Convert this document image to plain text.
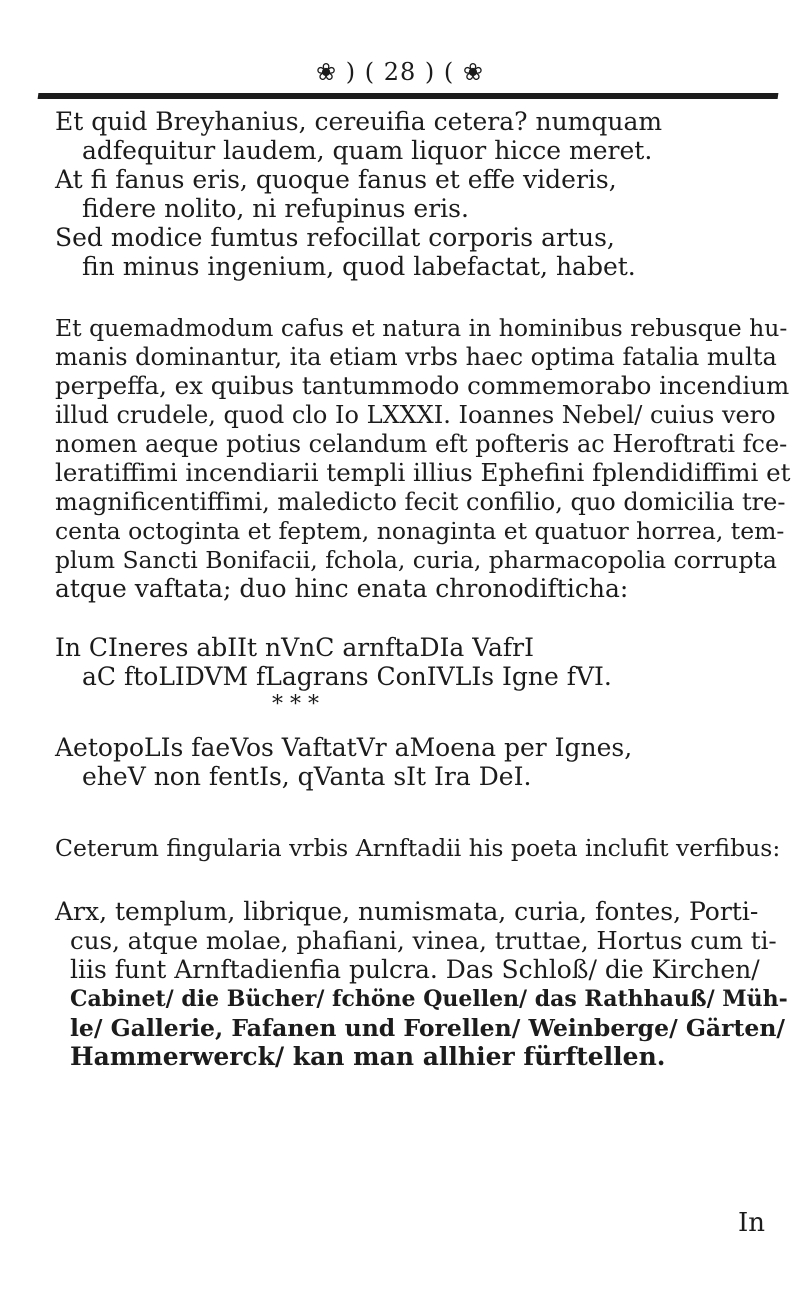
❀ ) ( 28 ) ( ❀
Et quid Breyhanius, cereuifia cetera? numquam
adfequitur laudem, quam liquor hicce meret.
At fi fanus eris, quoque fanus et effe videris,
fidere nolito, ni refupinus eris.
Sed modice fumtus refocillat corporis artus,
fin minus ingenium, quod labefactat, habet.
Et quemadmodum cafus et natura in hominibus rebusque hu-
manis dominantur, ita etiam vrbs haec optima fatalia multa
perpeffa, ex quibus tantummodo commemorabo incendium
illud crudele, quod clo Io LXXXI. Ioannes Nebel/ cuius vero
nomen aeque potius celandum eft pofteris ac Heroftrati fce-
leratiffimi incendiarii templi illius Ephefini fplendidiffimi et
magnificentiffimi, maledicto fecit confilio, quo domicilia tre-
centa octoginta et feptem, nonaginta et quatuor horrea, tem-
plum Sancti Bonifacii, fchola, curia, pharmacopolia corrupta
atque vaftata; duo hinc enata chronodifticha:
In CIneres abIIt nVnC arnftaDIa VafrI
aC ftoLIDVM fLagrans ConIVLIs Igne fVI.
* * *
AetopoLIs faeVos VaftatVr aMoena per Ignes,
eheV non fentIs, qVanta sIt Ira DeI.
Ceterum fingularia vrbis Arnftadii his poeta inclufit verfibus:
Arx, templum, librique, numismata, curia, fontes, Porti-
cus, atque molae, phafiani, vinea, truttae, Hortus cum ti-
liis funt Arnftadienfia pulcra. Das Schloß/ die Kirchen/
Cabinet/ die Bücher/ fchöne Quellen/ das Rathhauß/ Müh-
le/ Gallerie, Fafanen und Forellen/ Weinberge/ Gärten/
Hammerwerck/ kan man allhier fürftellen.
In
